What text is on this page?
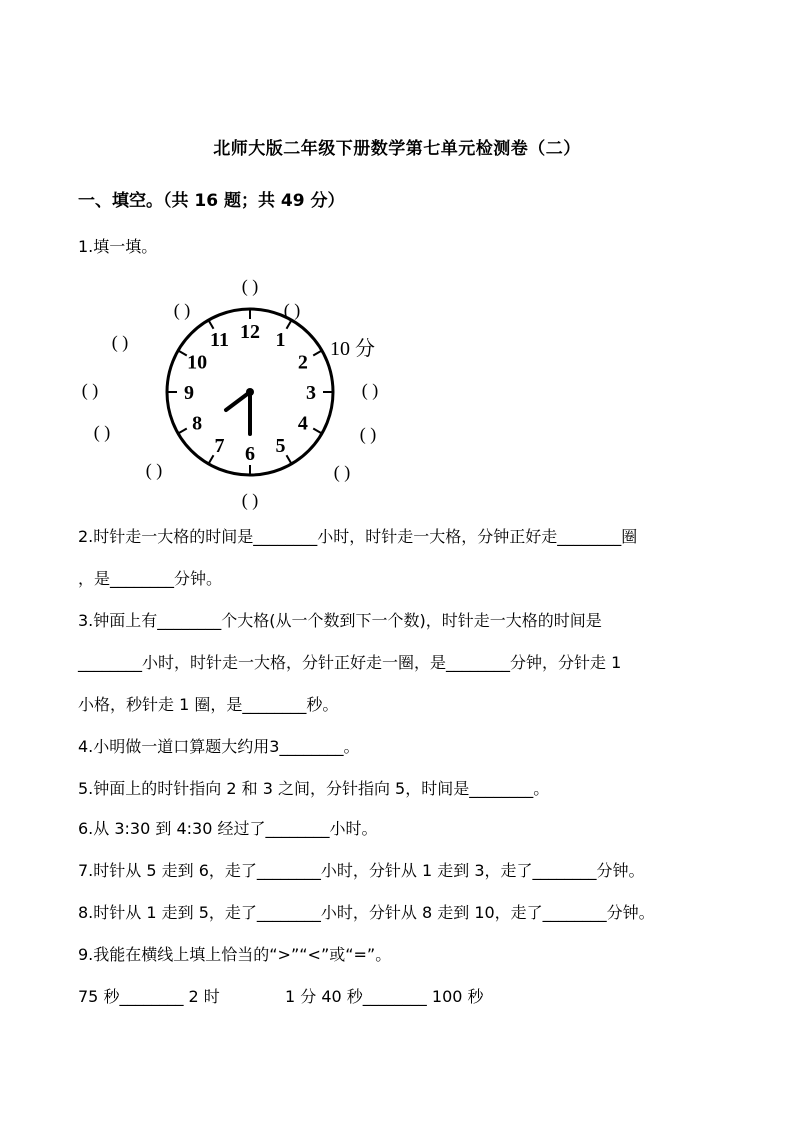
北师大版二年级下册数学第七单元检测卷（二）
一、填空。（共 16 题；共 49 分）
1.填一填。
12 1
2
3
4
5
6
7
8
9
10
11	10 分
( )
( )
( )
( )
( )	( )
( )	( )
( )	( )
( )
2.时针走一大格的时间是________小时，时针走一大格，分钟正好走________圈
，是________分钟。
3.钟面上有________个大格(从一个数到下一个数)，时针走一大格的时间是
________小时，时针走一大格，分针正好走一圈，是________分钟，分针走 1
小格，秒针走 1 圈，是________秒。
4.小明做一道口算题大约用3________。
5.钟面上的时针指向 2 和 3 之间，分针指向 5，时间是________。
6.从 3:30 到 4:30 经过了________小时。
7.时针从 5 走到 6，走了________小时，分针从 1 走到 3，走了________分钟。
8.时针从 1 走到 5，走了________小时，分针从 8 走到 10，走了________分钟。
9.我能在横线上填上恰当的“>”“<”或“=”。
75 秒________ 2 时	1 分 40 秒________ 100 秒
